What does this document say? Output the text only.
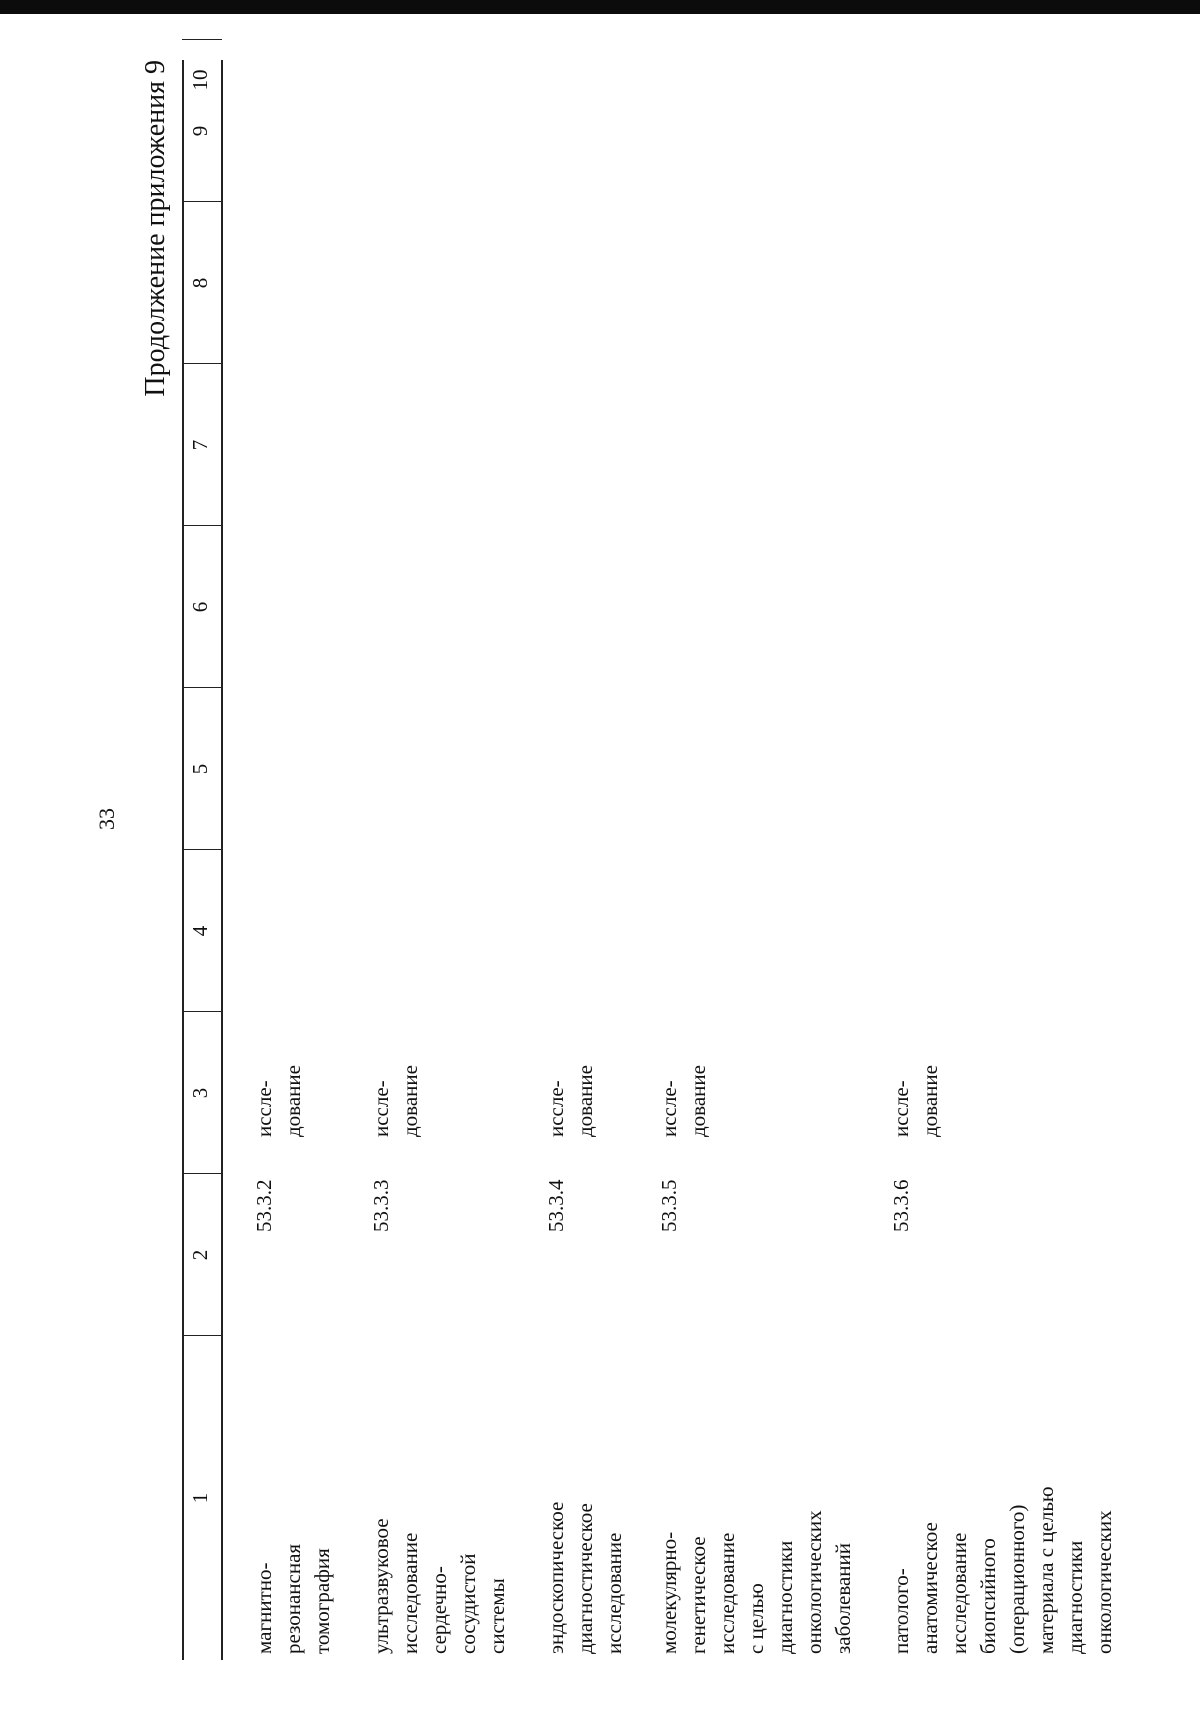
33
Продолжение приложения 9
1
2
3
4
5
6
7
8
9
10
магнитно- резонансная томография
53.3.2
иссле- дование
ультразвуковое исследование сердечно- сосудистой системы
53.3.3
иссле- дование
эндоскопическое диагностическое исследование
53.3.4
иссле- дование
молекулярно- генетическое исследование с целью диагностики онкологических заболеваний
53.3.5
иссле- дование
патолого- анатомическое исследование биопсийного (операционного) материала с целью диагностики онкологических
53.3.6
иссле- дование
